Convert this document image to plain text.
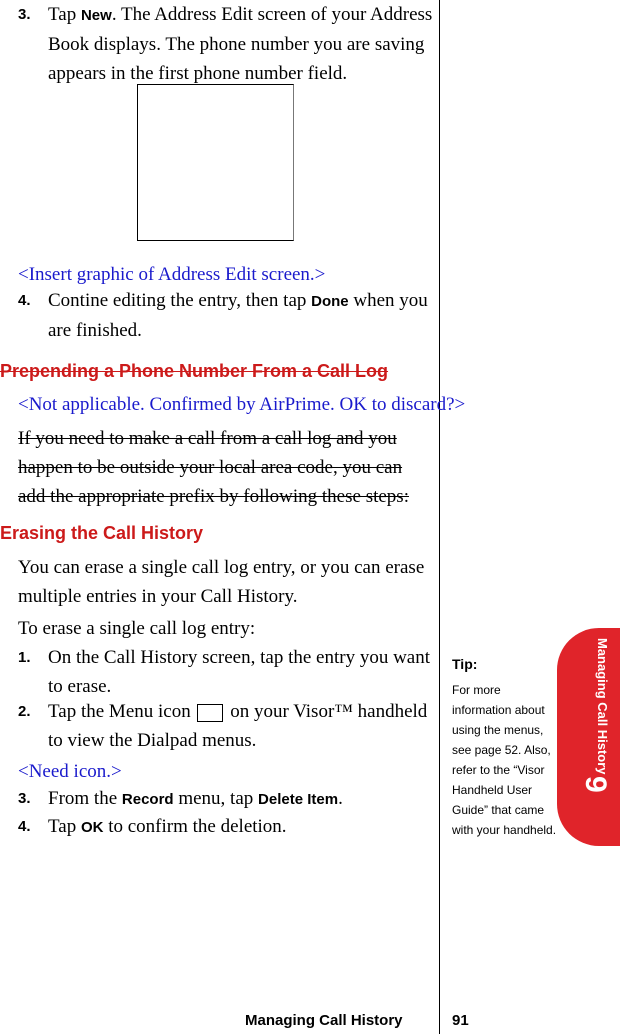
3. Tap New. The Address Edit screen of your Address Book displays. The phone number you are saving appears in the first phone number field.
<Insert graphic of Address Edit screen.>
4. Contine editing the entry, then tap Done when you are finished.
Prepending a Phone Number From a Call Log
<Not applicable. Confirmed by AirPrime. OK to discard?>
If you need to make a call from a call log and you happen to be outside your local area code, you can add the appropriate prefix by following these steps:
Erasing the Call History
You can erase a single call log entry, or you can erase multiple entries in your Call History.
To erase a single call log entry:
1. On the Call History screen, tap the entry you want to erase.
2. Tap the Menu icon  on your Visor™ handheld to view the Dialpad menus.
<Need icon.>
3. From the Record menu, tap Delete Item.
4. Tap OK to confirm the deletion.
Tip:
For more information about using the menus, see page 52. Also, refer to the “Visor Handheld User Guide” that came with your handheld.
Managing Call History
9
Managing Call History	91
